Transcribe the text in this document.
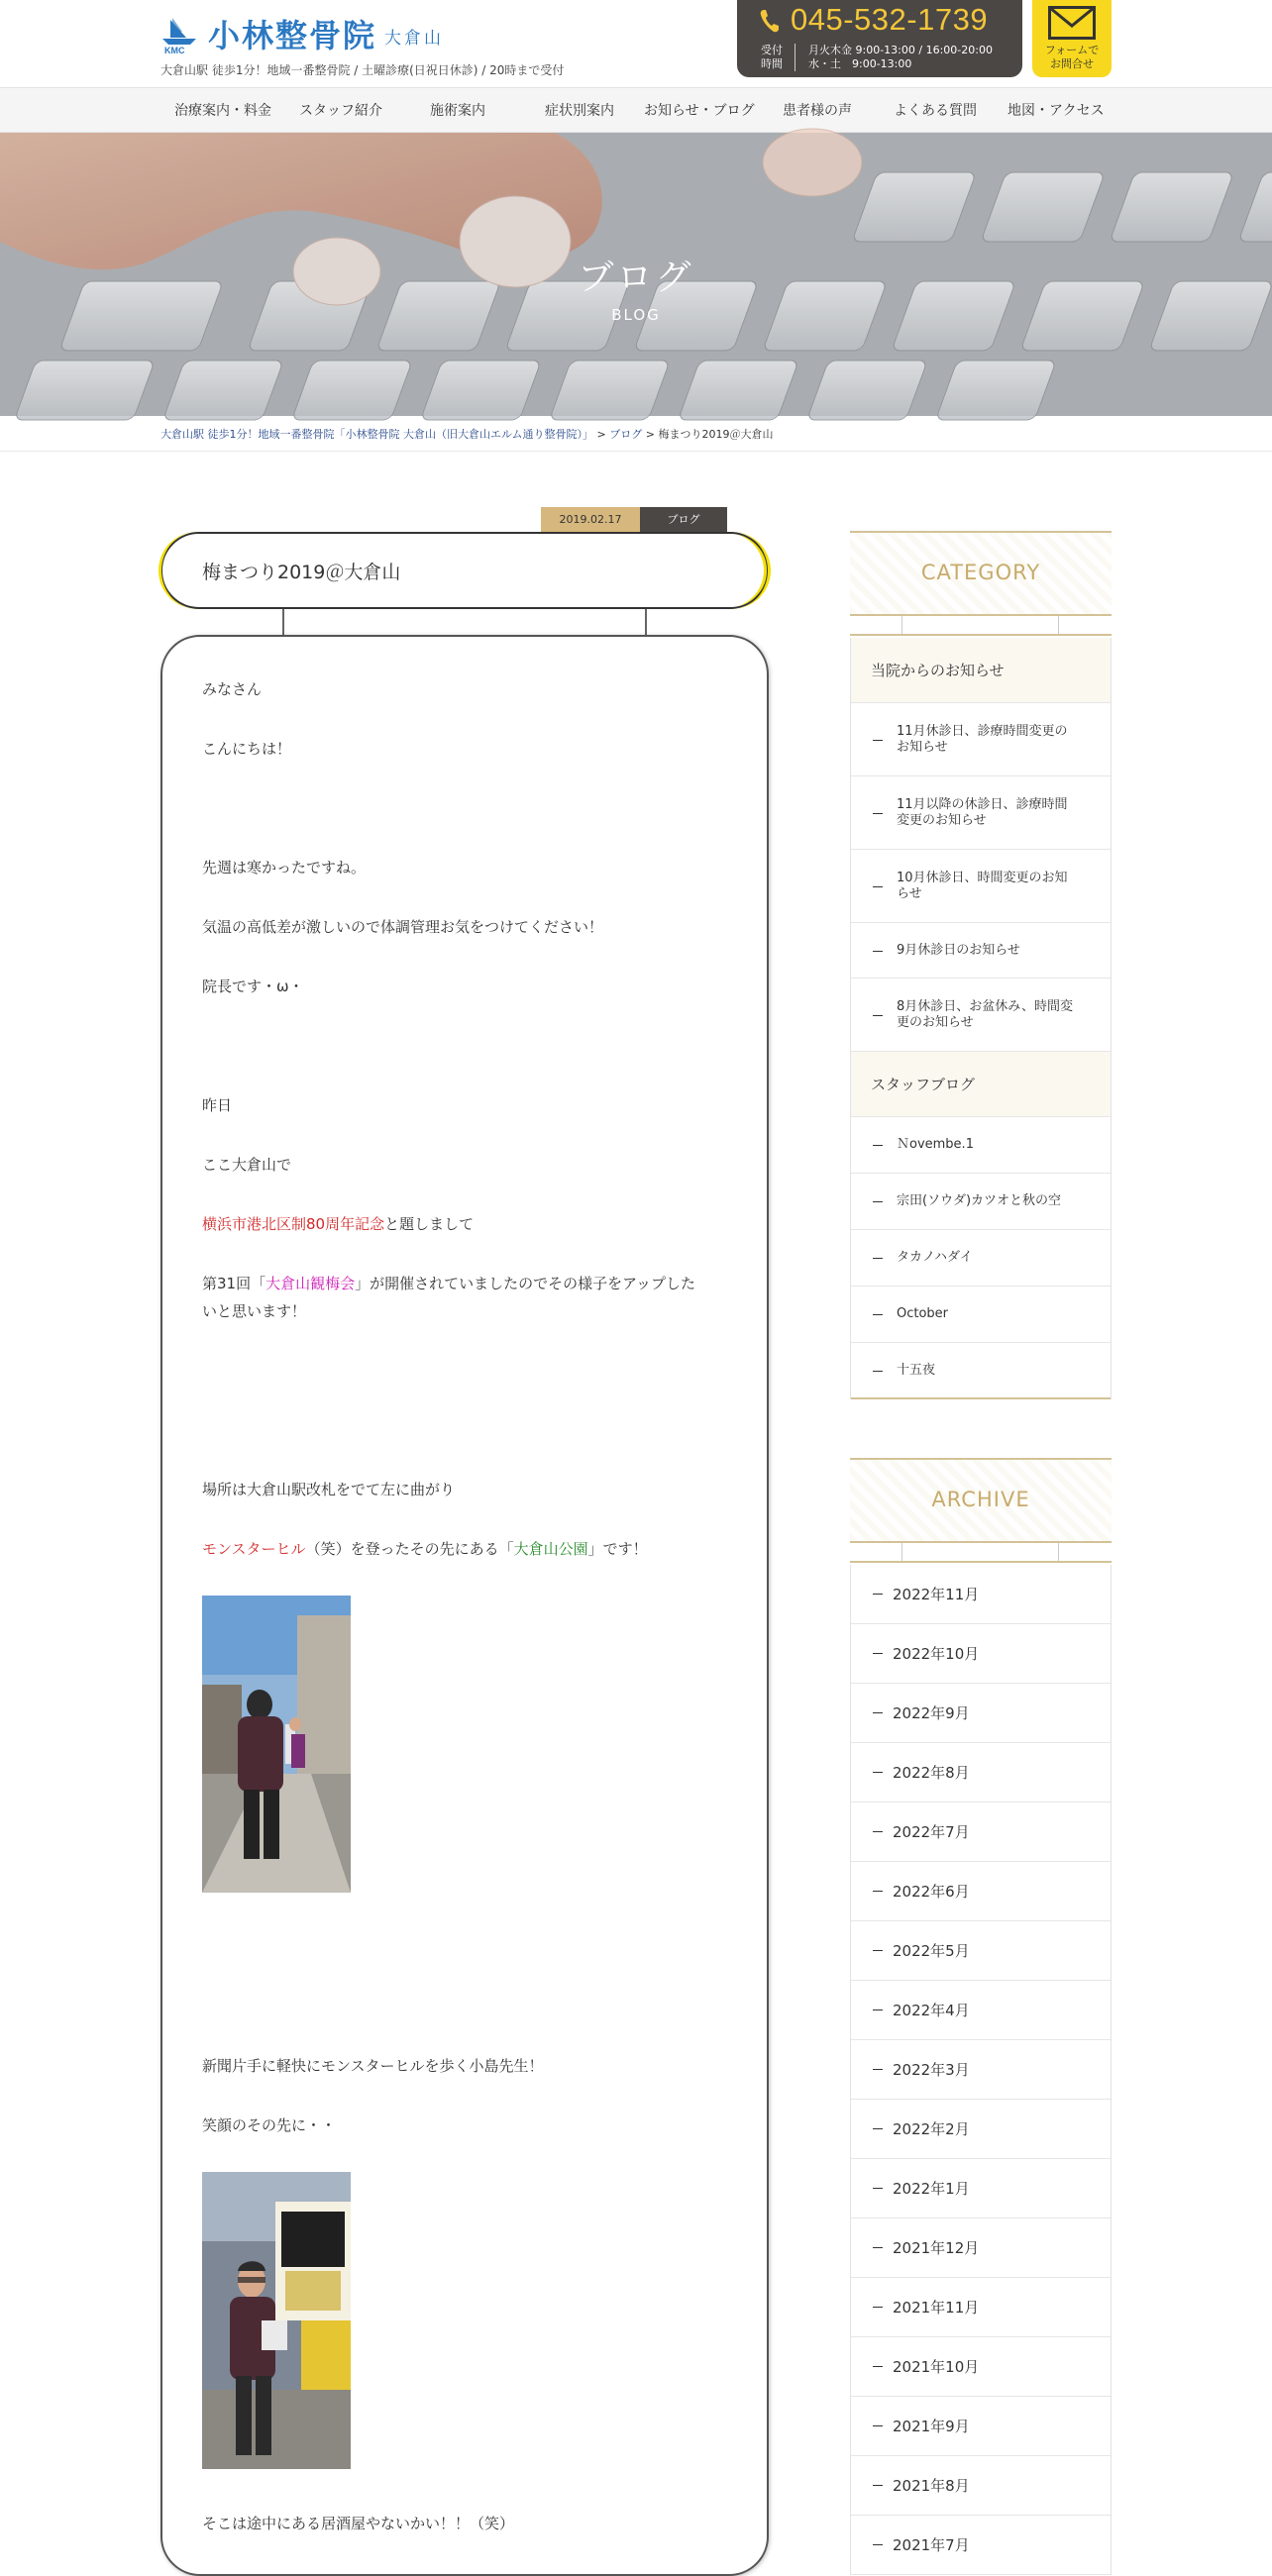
KMC 小林整骨院 大倉山
大倉山駅 徒歩1分！地域一番整骨院 / 土曜診療(日祝日休診) / 20時まで受付
045-532-1739
受付
時間
月火木金 9:00-13:00 / 16:00-20:00
水・土　9:00-13:00
フォームで
お問合せ
治療案内・料金 スタッフ紹介	施術案内	症状別案内 お知らせ・ブログ 患者様の声	よくある質問 地図・アクセス
ブログ
BLOG
大倉山駅 徒歩1分！地域一番整骨院「小林整骨院 大倉山（旧大倉山エルム通り整骨院）」 > ブログ > 梅まつり2019＠大倉山
2019.02.17	ブログ
梅まつり2019＠大倉山
みなさん
こんにちは！
先週は寒かったですね。
気温の高低差が激しいので体調管理お気をつけてください！
院長です・ω・
昨日
ここ大倉山で
横浜市港北区制80周年記念と題しまして
第31回「大倉山観梅会」が開催されていましたのでその様子をアップした
いと思います！
場所は大倉山駅改札をでて左に曲がり
モンスターヒル（笑）を登ったその先にある「大倉山公園」です！
新聞片手に軽快にモンスターヒルを歩く小島先生！
笑顔のその先に・・
そこは途中にある居酒屋やないかい！！（笑）
CATEGORY
当院からのお知らせ
11月休診日、診療時間変更の
お知らせ
11月以降の休診日、診療時間
変更のお知らせ
10月休診日、時間変更のお知
らせ
9月休診日のお知らせ
8月休診日、お盆休み、時間変
更のお知らせ
スタッフブログ
Ｎovembe.1
宗田(ソウダ)カツオと秋の空
タカノハダイ
October
十五夜
ARCHIVE
2022年11月
2022年10月
2022年9月
2022年8月
2022年7月
2022年6月
2022年5月
2022年4月
2022年3月
2022年2月
2022年1月
2021年12月
2021年11月
2021年10月
2021年9月
2021年8月
2021年7月
